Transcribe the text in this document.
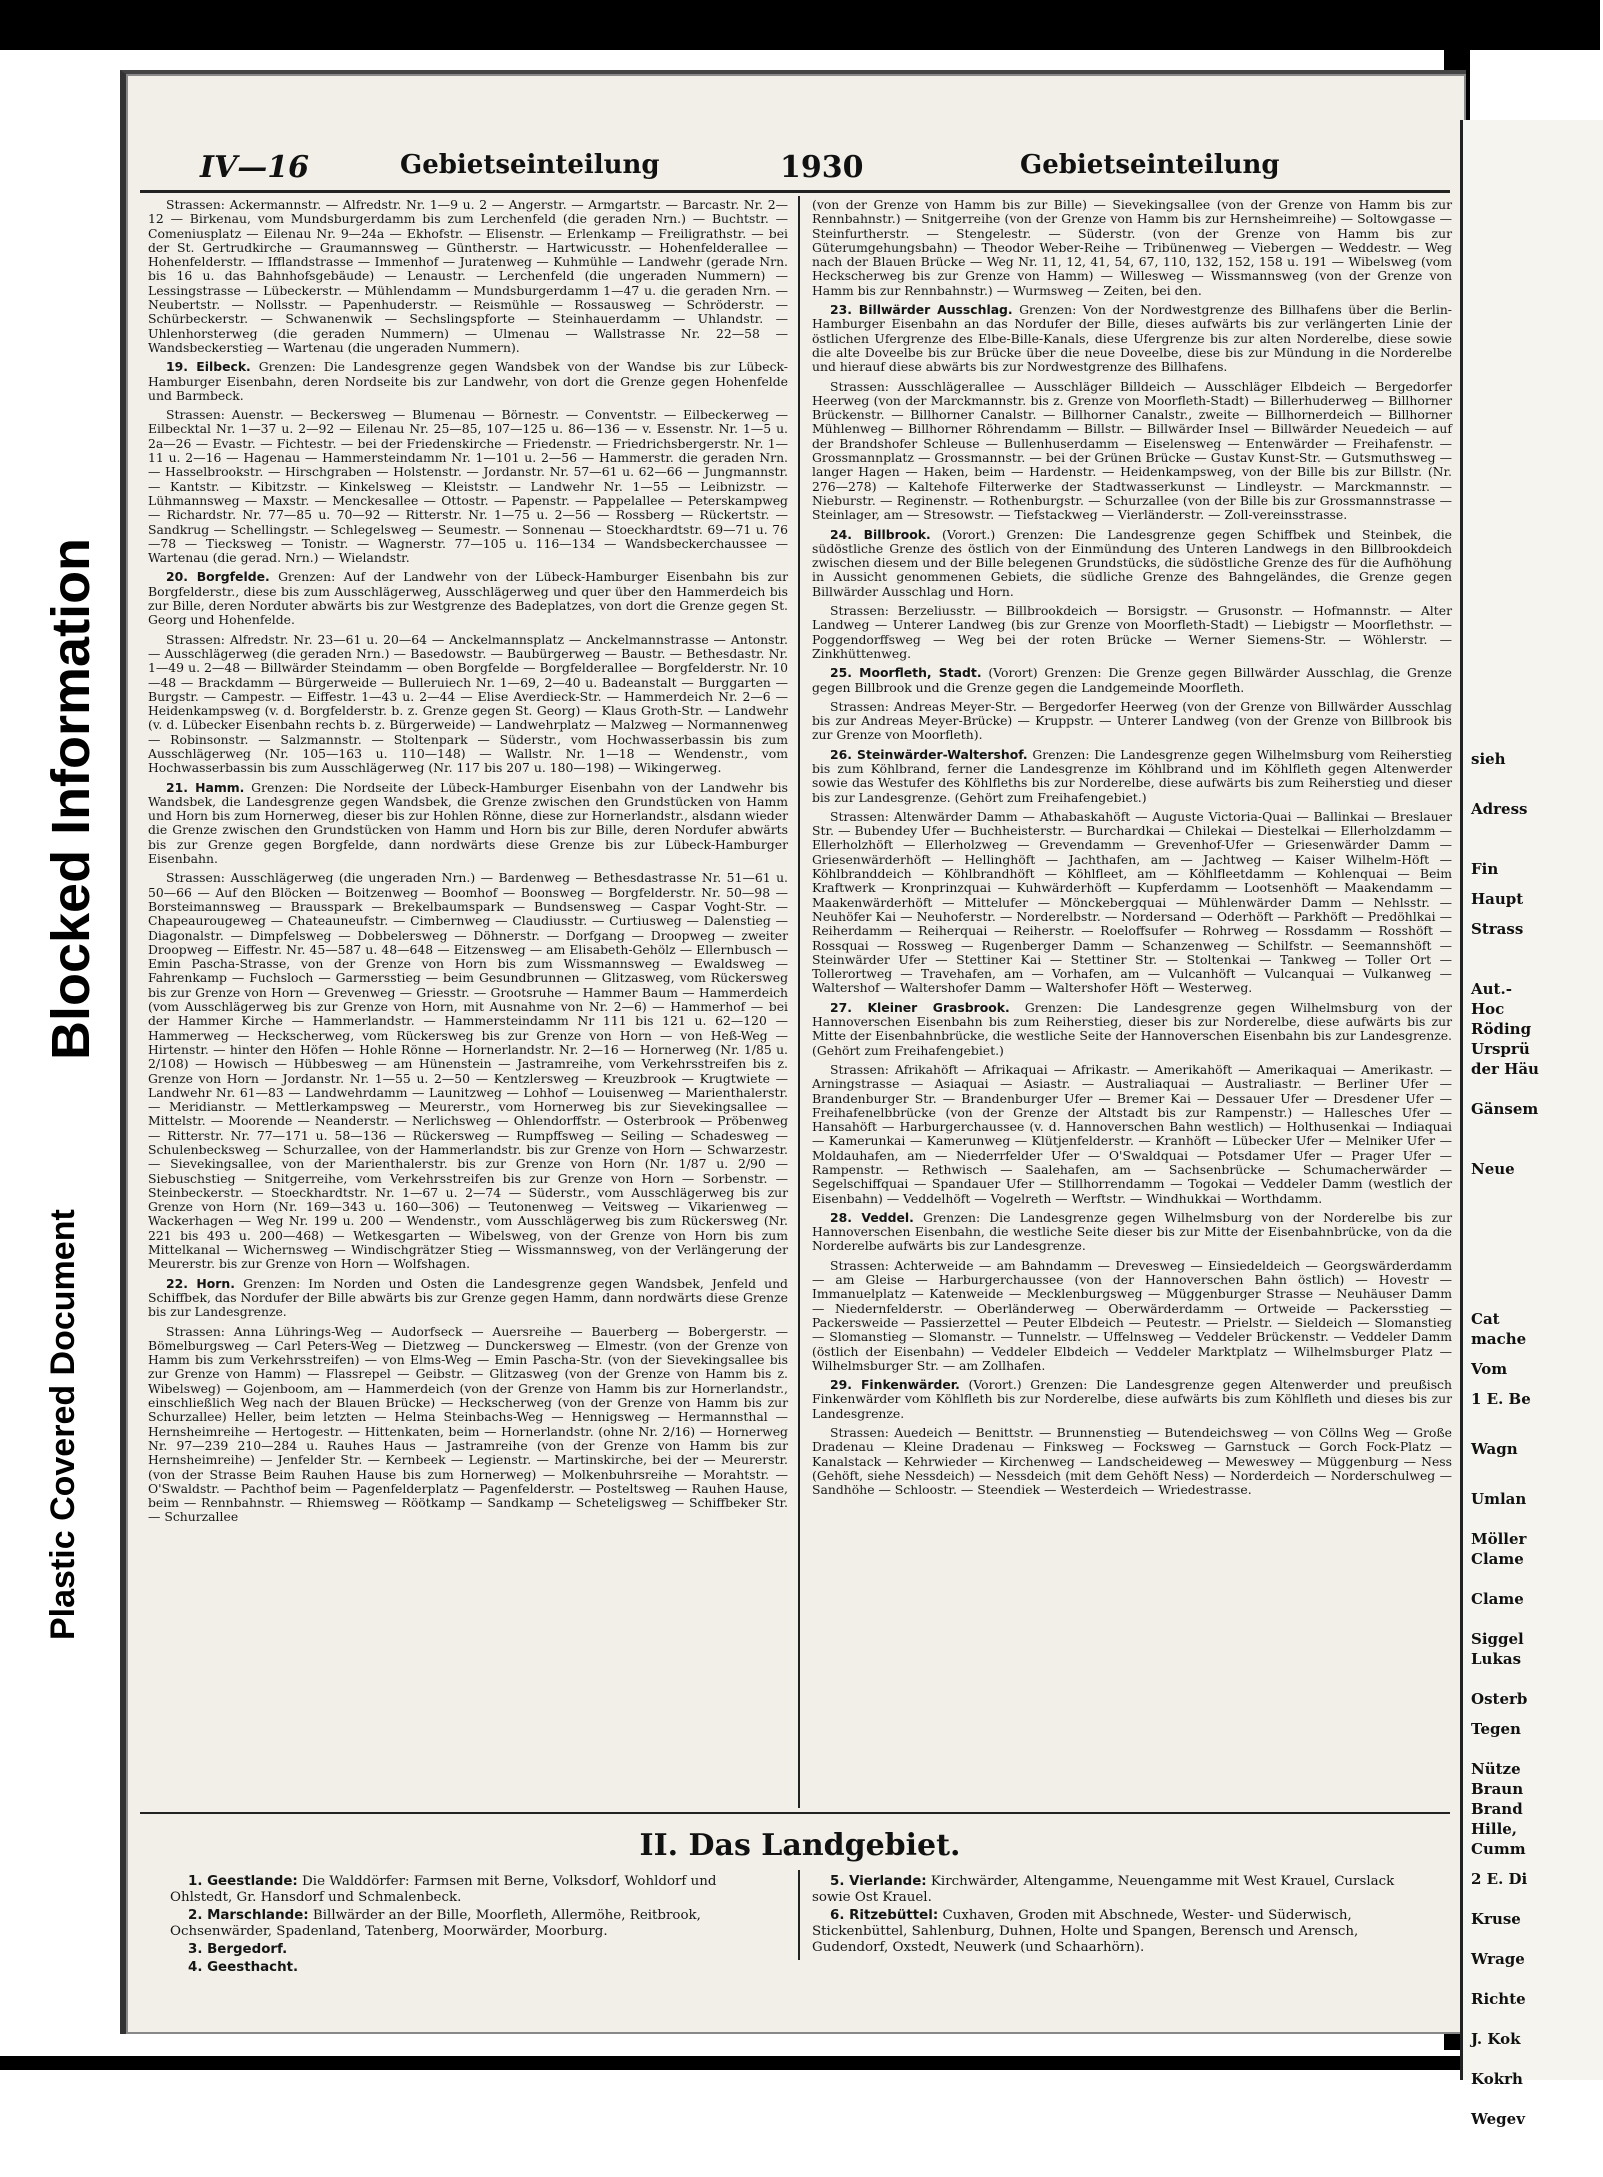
Blocked Information
Plastic Covered Document
sieh
Adress
Fin
Haupt
Strass
Aut.-
Hoc
Röding
Ursprü
der Häu
Gänsem
Neue
Cat
mache
Vom
1 E. Be
Wagn
Umlan
Möller
Clame
Clame
Siggel
Lukas
Osterb
Tegen
Nütze
Braun
Brand
Hille,
Cumm
2 E. Di
Kruse
Wrage
Richte
J. Kok
Kokrh
Wegev
IV—16	Gebietseinteilung	1930	Gebietseinteilung

Strassen: Ackermannstr. — Alfredstr. Nr. 1—9 u. 2 — Angerstr. — Armgartstr. — Barcastr. Nr. 2—12 — Birkenau, vom Mundsburgerdamm bis zum Lerchenfeld (die geraden Nrn.) — Buchtstr. — Comeniusplatz — Eilenau Nr. 9—24a — Ekhofstr. — Elisenstr. — Erlenkamp — Freiligrathstr. — bei der St. Gertrudkirche — Graumannsweg — Güntherstr. — Hartwicusstr. — Hohenfelderallee — Hohenfelderstr. — Ifflandstrasse — Immenhof — Juratenweg — Kuhmühle — Landwehr (gerade Nrn. bis 16 u. das Bahnhofsgebäude) — Lenaustr. — Lerchenfeld (die ungeraden Nummern) — Lessingstrasse — Lübeckerstr. — Mühlendamm — Mundsburgerdamm 1—47 u. die geraden Nrn. — Neubertstr. — Nollsstr. — Papenhuderstr. — Reismühle — Rossausweg — Schröderstr. — Schürbeckerstr. — Schwanenwik — Sechslingspforte — Steinhauerdamm — Uhlandstr. — Uhlenhorsterweg (die geraden Nummern) — Ulmenau — Wallstrasse Nr. 22—58 — Wandsbeckerstieg — Wartenau (die ungeraden Nummern).

19. Eilbeck. Grenzen: Die Landesgrenze gegen Wandsbek von der Wandse bis zur Lübeck-Hamburger Eisenbahn, deren Nordseite bis zur Landwehr, von dort die Grenze gegen Hohenfelde und Barmbeck.

Strassen: Auenstr. — Beckersweg — Blumenau — Börnestr. — Conventstr. — Eilbeckerweg — Eilbecktal Nr. 1—37 u. 2—92 — Eilenau Nr. 25—85, 107—125 u. 86—136 — v. Essenstr. Nr. 1—5 u. 2a—26 — Evastr. — Fichtestr. — bei der Friedenskirche — Friedenstr. — Friedrichsbergerstr. Nr. 1—11 u. 2—16 — Hagenau — Hammersteindamm Nr. 1—101 u. 2—56 — Hammerstr. die geraden Nrn. — Hasselbrookstr. — Hirschgraben — Holstenstr. — Jordanstr. Nr. 57—61 u. 62—66 — Jungmannstr. — Kantstr. — Kibitzstr. — Kinkelsweg — Kleiststr. — Landwehr Nr. 1—55 — Leibnizstr. — Lühmannsweg — Maxstr. — Menckesallee — Ottostr. — Papenstr. — Pappelallee — Peterskampweg — Richardstr. Nr. 77—85 u. 70—92 — Ritterstr. Nr. 1—75 u. 2—56 — Rossberg — Rückertstr. — Sandkrug — Schellingstr. — Schlegelsweg — Seumestr. — Sonnenau — Stoeckhardtstr. 69—71 u. 76—78 — Tiecksweg — Tonistr. — Wagnerstr. 77—105 u. 116—134 — Wandsbeckerchaussee — Wartenau (die gerad. Nrn.) — Wielandstr.

20. Borgfelde. Grenzen: Auf der Landwehr von der Lübeck-Hamburger Eisenbahn bis zur Borgfelderstr., diese bis zum Ausschlägerweg, Ausschlägerweg und quer über den Hammerdeich bis zur Bille, deren Norduter abwärts bis zur Westgrenze des Badeplatzes, von dort die Grenze gegen St. Georg und Hohenfelde.

Strassen: Alfredstr. Nr. 23—61 u. 20—64 — Anckelmannsplatz — Anckelmannstrasse — Antonstr. — Ausschlägerweg (die geraden Nrn.) — Basedowstr. — Baubürgerweg — Baustr. — Bethesdastr. Nr. 1—49 u. 2—48 — Billwärder Steindamm — oben Borgfelde — Borgfelderallee — Borgfelderstr. Nr. 10—48 — Brackdamm — Bürgerweide — Bulleruiech Nr. 1—69, 2—40 u. Badeanstalt — Burggarten — Burgstr. — Campestr. — Eiffestr. 1—43 u. 2—44 — Elise Averdieck-Str. — Hammerdeich Nr. 2—6 — Heidenkampsweg (v. d. Borgfelderstr. b. z. Grenze gegen St. Georg) — Klaus Groth-Str. — Landwehr (v. d. Lübecker Eisenbahn rechts b. z. Bürgerweide) — Landwehrplatz — Malzweg — Normannenweg — Robinsonstr. — Salzmannstr. — Stoltenpark — Süderstr., vom Hochwasserbassin bis zum Ausschlägerweg (Nr. 105—163 u. 110—148) — Wallstr. Nr. 1—18 — Wendenstr., vom Hochwasserbassin bis zum Ausschlägerweg (Nr. 117 bis 207 u. 180—198) — Wikingerweg.

21. Hamm. Grenzen: Die Nordseite der Lübeck-Hamburger Eisenbahn von der Landwehr bis Wandsbek, die Landesgrenze gegen Wandsbek, die Grenze zwischen den Grundstücken von Hamm und Horn bis zum Hornerweg, dieser bis zur Hohlen Rönne, diese zur Hornerlandstr., alsdann wieder die Grenze zwischen den Grundstücken von Hamm und Horn bis zur Bille, deren Nordufer abwärts bis zur Grenze gegen Borgfelde, dann nordwärts diese Grenze bis zur Lübeck-Hamburger Eisenbahn.

Strassen: Ausschlägerweg (die ungeraden Nrn.) — Bardenweg — Bethesdastrasse Nr. 51—61 u. 50—66 — Auf den Blöcken — Boitzenweg — Boomhof — Boonsweg — Borgfelderstr. Nr. 50—98 — Borsteimannsweg — Brausspark — Brekelbaumspark — Bundsensweg — Caspar Voght-Str. — Chapeaurougeweg — Chateauneufstr. — Cimbernweg — Claudiusstr. — Curtiusweg — Dalenstieg — Diagonalstr. — Dimpfelsweg — Dobbelersweg — Döhnerstr. — Dorfgang — Droopweg — zweiter Droopweg — Eiffestr. Nr. 45—587 u. 48—648 — Eitzensweg — am Elisabeth-Gehölz — Ellernbusch — Emin Pascha-Strasse, von der Grenze von Horn bis zum Wissmannsweg — Ewaldsweg — Fahrenkamp — Fuchsloch — Garmersstieg — beim Gesundbrunnen — Glitzasweg, vom Rückersweg bis zur Grenze von Horn — Grevenweg — Griesstr. — Grootsruhe — Hammer Baum — Hammerdeich (vom Ausschlägerweg bis zur Grenze von Horn, mit Ausnahme von Nr. 2—6) — Hammerhof — bei der Hammer Kirche — Hammerlandstr. — Hammersteindamm Nr 111 bis 121 u. 62—120 — Hammerweg — Heckscherweg, vom Rückersweg bis zur Grenze von Horn — von Heß-Weg — Hirtenstr. — hinter den Höfen — Hohle Rönne — Hornerlandstr. Nr. 2—16 — Hornerweg (Nr. 1/85 u. 2/108) — Howisch — Hübbesweg — am Hünenstein — Jastramreihe, vom Verkehrsstreifen bis z. Grenze von Horn — Jordanstr. Nr. 1—55 u. 2—50 — Kentzlersweg — Kreuzbrook — Krugtwiete — Landwehr Nr. 61—83 — Landwehrdamm — Launitzweg — Lohhof — Louisenweg — Marienthalerstr. — Meridianstr. — Mettlerkampsweg — Meurerstr., vom Hornerweg bis zur Sievekingsallee — Mittelstr. — Moorende — Neanderstr. — Nerlichsweg — Ohlendorffstr. — Osterbrook — Pröbenweg — Ritterstr. Nr. 77—171 u. 58—136 — Rückersweg — Rumpffsweg — Seiling — Schadesweg — Schulenbecksweg — Schurzallee, von der Hammerlandstr. bis zur Grenze von Horn — Schwarzestr. — Sievekingsallee, von der Marienthalerstr. bis zur Grenze von Horn (Nr. 1/87 u. 2/90 — Siebuschstieg — Snitgerreihe, vom Verkehrsstreifen bis zur Grenze von Horn — Sorbenstr. — Steinbeckerstr. — Stoeckhardtstr. Nr. 1—67 u. 2—74 — Süderstr., vom Ausschlägerweg bis zur Grenze von Horn (Nr. 169—343 u. 160—306) — Teutonenweg — Veitsweg — Vikarienweg — Wackerhagen — Weg Nr. 199 u. 200 — Wendenstr., vom Ausschlägerweg bis zum Rückersweg (Nr. 221 bis 493 u. 200—468) — Wetkesgarten — Wibelsweg, von der Grenze von Horn bis zum Mittelkanal — Wichernsweg — Windischgrätzer Stieg — Wissmannsweg, von der Verlängerung der Meurerstr. bis zur Grenze von Horn — Wolfshagen.

22. Horn. Grenzen: Im Norden und Osten die Landesgrenze gegen Wandsbek, Jenfeld und Schiffbek, das Nordufer der Bille abwärts bis zur Grenze gegen Hamm, dann nordwärts diese Grenze bis zur Landesgrenze.

Strassen: Anna Lührings-Weg — Audorfseck — Auersreihe — Bauerberg — Bobergerstr. — Bömelburgsweg — Carl Peters-Weg — Dietzweg — Dunckersweg — Elmestr. (von der Grenze von Hamm bis zum Verkehrsstreifen) — von Elms-Weg — Emin Pascha-Str. (von der Sievekingsallee bis zur Grenze von Hamm) — Flassrepel — Geibstr. — Glitzasweg (von der Grenze von Hamm bis z. Wibelsweg) — Gojenboom, am — Hammerdeich (von der Grenze von Hamm bis zur Hornerlandstr., einschließlich Weg nach der Blauen Brücke) — Heckscherweg (von der Grenze von Hamm bis zur Schurzallee) Heller, beim letzten — Helma Steinbachs-Weg — Hennigsweg — Hermannsthal — Hernsheimreihe — Hertogestr. — Hittenkaten, beim — Hornerlandstr. (ohne Nr. 2/16) — Hornerweg Nr. 97—239 210—284 u. Rauhes Haus — Jastramreihe (von der Grenze von Hamm bis zur Hernsheimreihe) — Jenfelder Str. — Kernbeek — Legienstr. — Martinskirche, bei der — Meurerstr. (von der Strasse Beim Rauhen Hause bis zum Hornerweg) — Molkenbuhrsreihe — Morahtstr. — O'Swaldstr. — Pachthof beim — Pagenfelderplatz — Pagenfelderstr. — Posteltsweg — Rauhen Hause, beim — Rennbahnstr. — Rhiemsweg — Röötkamp — Sandkamp — Scheteligsweg — Schiffbeker Str. — Schurzallee

(von der Grenze von Hamm bis zur Bille) — Sievekingsallee (von der Grenze von Hamm bis zur Rennbahnstr.) — Snitgerreihe (von der Grenze von Hamm bis zur Hernsheimreihe) — Soltowgasse — Steinfurtherstr. — Stengelestr. — Süderstr. (von der Grenze von Hamm bis zur Güterumgehungsbahn) — Theodor Weber-Reihe — Tribünenweg — Viebergen — Weddestr. — Weg nach der Blauen Brücke — Weg Nr. 11, 12, 41, 54, 67, 110, 132, 152, 158 u. 191 — Wibelsweg (vom Heckscherweg bis zur Grenze von Hamm) — Willesweg — Wissmannsweg (von der Grenze von Hamm bis zur Rennbahnstr.) — Wurmsweg — Zeiten, bei den.

23. Billwärder Ausschlag. Grenzen: Von der Nordwestgrenze des Billhafens über die Berlin-Hamburger Eisenbahn an das Nordufer der Bille, dieses aufwärts bis zur verlängerten Linie der östlichen Ufergrenze des Elbe-Bille-Kanals, diese Ufergrenze bis zur alten Norderelbe, diese sowie die alte Doveelbe bis zur Brücke über die neue Doveelbe, diese bis zur Mündung in die Norderelbe und hierauf diese abwärts bis zur Nordwestgrenze des Billhafens.

Strassen: Ausschlägerallee — Ausschläger Billdeich — Ausschläger Elbdeich — Bergedorfer Heerweg (von der Marckmannstr. bis z. Grenze von Moorfleth-Stadt) — Billerhuderweg — Billhorner Brückenstr. — Billhorner Canalstr. — Billhorner Canalstr., zweite — Billhornerdeich — Billhorner Mühlenweg — Billhorner Röhrendamm — Billstr. — Billwärder Insel — Billwärder Neuedeich — auf der Brandshofer Schleuse — Bullenhuserdamm — Eiselensweg — Entenwärder — Freihafenstr. — Grossmannplatz — Grossmannstr. — bei der Grünen Brücke — Gustav Kunst-Str. — Gutsmuthsweg — langer Hagen — Haken, beim — Hardenstr. — Heidenkampsweg, von der Bille bis zur Billstr. (Nr. 276—278) — Kaltehofe Filterwerke der Stadtwasserkunst — Lindleystr. — Marckmannstr. — Nieburstr. — Reginenstr. — Rothenburgstr. — Schurzallee (von der Bille bis zur Grossmannstrasse — Steinlager, am — Stresowstr. — Tiefstackweg — Vierländerstr. — Zoll-vereinsstrasse.

24. Billbrook. (Vorort.) Grenzen: Die Landesgrenze gegen Schiffbek und Steinbek, die südöstliche Grenze des östlich von der Einmündung des Unteren Landwegs in den Billbrookdeich zwischen diesem und der Bille belegenen Grundstücks, die südöstliche Grenze des für die Aufhöhung in Aussicht genommenen Gebiets, die südliche Grenze des Bahngeländes, die Grenze gegen Billwärder Ausschlag und Horn.

Strassen: Berzeliusstr. — Billbrookdeich — Borsigstr. — Grusonstr. — Hofmannstr. — Alter Landweg — Unterer Landweg (bis zur Grenze von Moorfleth-Stadt) — Liebigstr — Moorflethstr. — Poggendorffsweg — Weg bei der roten Brücke — Werner Siemens-Str. — Wöhlerstr. — Zinkhüttenweg.

25. Moorfleth, Stadt. (Vorort) Grenzen: Die Grenze gegen Billwärder Ausschlag, die Grenze gegen Billbrook und die Grenze gegen die Landgemeinde Moorfleth.

Strassen: Andreas Meyer-Str. — Bergedorfer Heerweg (von der Grenze von Billwärder Ausschlag bis zur Andreas Meyer-Brücke) — Kruppstr. — Unterer Landweg (von der Grenze von Billbrook bis zur Grenze von Moorfleth).

26. Steinwärder-Waltershof. Grenzen: Die Landesgrenze gegen Wilhelmsburg vom Reiherstieg bis zum Köhlbrand, ferner die Landesgrenze im Köhlbrand und im Köhlfleth gegen Altenwerder sowie das Westufer des Köhlfleths bis zur Norderelbe, diese aufwärts bis zum Reiherstieg und dieser bis zur Landesgrenze. (Gehört zum Freihafengebiet.)

Strassen: Altenwärder Damm — Athabaskahöft — Auguste Victoria-Quai — Ballinkai — Breslauer Str. — Bubendey Ufer — Buchheisterstr. — Burchardkai — Chilekai — Diestelkai — Ellerholzdamm — Ellerholzhöft — Ellerholzweg — Grevendamm — Grevenhof-Ufer — Griesenwärder Damm — Griesenwärderhöft — Hellinghöft — Jachthafen, am — Jachtweg — Kaiser Wilhelm-Höft — Köhlbranddeich — Köhlbrandhöft — Köhlfleet, am — Köhlfleetdamm — Kohlenquai — Beim Kraftwerk — Kronprinzquai — Kuhwärderhöft — Kupferdamm — Lootsenhöft — Maakendamm — Maakenwärderhöft — Mittelufer — Mönckebergquai — Mühlenwärder Damm — Nehlsstr. — Neuhöfer Kai — Neuhoferstr. — Norderelbstr. — Nordersand — Oderhöft — Parkhöft — Predöhlkai — Reiherdamm — Reiherquai — Reiherstr. — Roeloffsufer — Rohrweg — Rossdamm — Rosshöft — Rossquai — Rossweg — Rugenberger Damm — Schanzenweg — Schilfstr. — Seemannshöft — Steinwärder Ufer — Stettiner Kai — Stettiner Str. — Stoltenkai — Tankweg — Toller Ort — Tollerortweg — Travehafen, am — Vorhafen, am — Vulcanhöft — Vulcanquai — Vulkanweg — Waltershof — Waltershofer Damm — Waltershofer Höft — Westerweg.

27. Kleiner Grasbrook. Grenzen: Die Landesgrenze gegen Wilhelmsburg von der Hannoverschen Eisenbahn bis zum Reiherstieg, dieser bis zur Norderelbe, diese aufwärts bis zur Mitte der Eisenbahnbrücke, die westliche Seite der Hannoverschen Eisenbahn bis zur Landesgrenze. (Gehört zum Freihafengebiet.)

Strassen: Afrikahöft — Afrikaquai — Afrikastr. — Amerikahöft — Amerikaquai — Amerikastr. — Arningstrasse — Asiaquai — Asiastr. — Australiaquai — Australiastr. — Berliner Ufer — Brandenburger Str. — Brandenburger Ufer — Bremer Kai — Dessauer Ufer — Dresdener Ufer — Freihafenelbbrücke (von der Grenze der Altstadt bis zur Rampenstr.) — Hallesches Ufer — Hansahöft — Harburgerchaussee (v. d. Hannoverschen Bahn westlich) — Holthusenkai — Indiaquai — Kamerunkai — Kamerunweg — Klütjenfelderstr. — Kranhöft — Lübecker Ufer — Melniker Ufer — Moldauhafen, am — Niederrfelder Ufer — O'Swaldquai — Potsdamer Ufer — Prager Ufer — Rampenstr. — Rethwisch — Saalehafen, am — Sachsenbrücke — Schumacherwärder — Segelschiffquai — Spandauer Ufer — Stillhorrendamm — Togokai — Veddeler Damm (westlich der Eisenbahn) — Veddelhöft — Vogelreth — Werftstr. — Windhukkai — Worthdamm.

28. Veddel. Grenzen: Die Landesgrenze gegen Wilhelmsburg von der Norderelbe bis zur Hannoverschen Eisenbahn, die westliche Seite dieser bis zur Mitte der Eisenbahnbrücke, von da die Norderelbe aufwärts bis zur Landesgrenze.

Strassen: Achterweide — am Bahndamm — Drevesweg — Einsiedeldeich — Georgswärderdamm — am Gleise — Harburgerchaussee (von der Hannoverschen Bahn östlich) — Hovestr — Immanuelplatz — Katenweide — Mecklenburgsweg — Müggenburger Strasse — Neuhäuser Damm — Niedernfelderstr. — Oberländerweg — Oberwärderdamm — Ortweide — Packersstieg — Packersweide — Passierzettel — Peuter Elbdeich — Peutestr. — Prielstr. — Sieldeich — Slomanstieg — Slomanstieg — Slomanstr. — Tunnelstr. — Uffelnsweg — Veddeler Brückenstr. — Veddeler Damm (östlich der Eisenbahn) — Veddeler Elbdeich — Veddeler Marktplatz — Wilhelmsburger Platz — Wilhelmsburger Str. — am Zollhafen.

29. Finkenwärder. (Vorort.) Grenzen: Die Landesgrenze gegen Altenwerder und preußisch Finkenwärder vom Köhlfleth bis zur Norderelbe, diese aufwärts bis zum Köhlfleth und dieses bis zur Landesgrenze.

Strassen: Auedeich — Benittstr. — Brunnenstieg — Butendeichsweg — von Cöllns Weg — Große Dradenau — Kleine Dradenau — Finksweg — Focksweg — Garnstuck — Gorch Fock-Platz — Kanalstack — Kehrwieder — Kirchenweg — Landscheideweg — Meweswey — Müggenburg — Ness (Gehöft, siehe Nessdeich) — Nessdeich (mit dem Gehöft Ness) — Norderdeich — Norderschulweg — Sandhöhe — Schloostr. — Steendiek — Westerdeich — Wriedestrasse.

II. Das Landgebiet.
1. Geestlande: Die Walddörfer: Farmsen mit Berne, Volksdorf, Wohldorf und Ohlstedt, Gr. Hansdorf und Schmalenbeck.
2. Marschlande: Billwärder an der Bille, Moorfleth, Allermöhe, Reitbrook, Ochsenwärder, Spadenland, Tatenberg, Moorwärder, Moorburg.
3. Bergedorf.
4. Geesthacht.
5. Vierlande: Kirchwärder, Altengamme, Neuengamme mit West Krauel, Curslack sowie Ost Krauel.
6. Ritzebüttel: Cuxhaven, Groden mit Abschnede, Wester- und Süderwisch, Stickenbüttel, Sahlenburg, Duhnen, Holte und Spangen, Berensch und Arensch, Gudendorf, Oxstedt, Neuwerk (und Schaarhörn).
